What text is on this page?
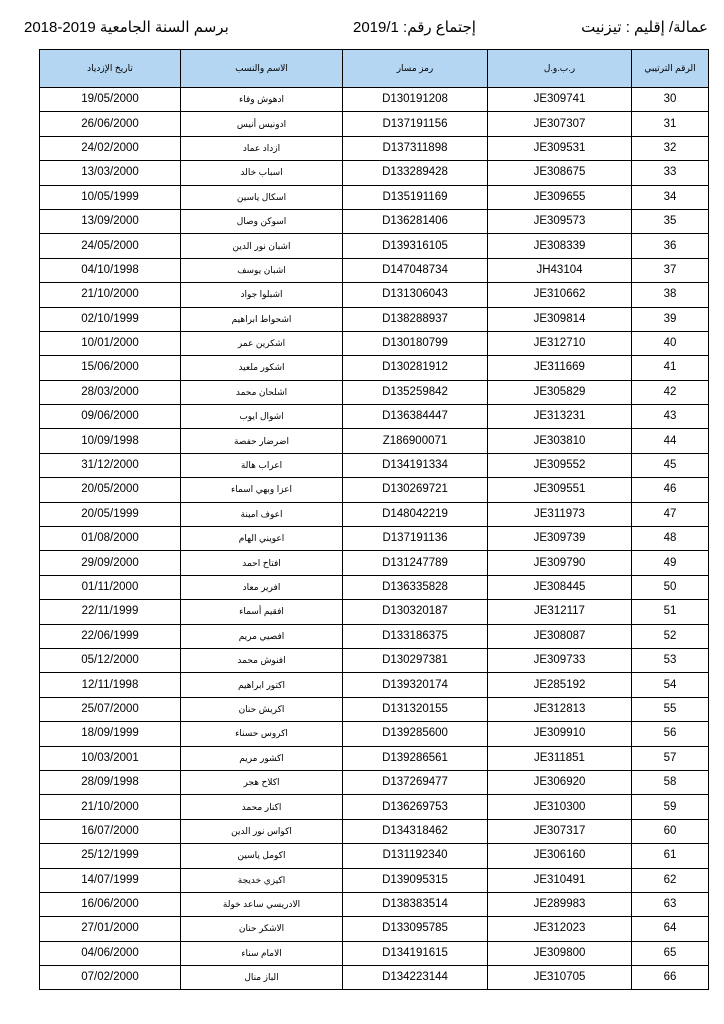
2018-2019 برسم السنة الجامعية	إجتماع رقم: 2019/1	عمالة/ إقليم : تيزنيت
تاريخ الإزدياد	الاسم والنسب	رمز مسار	ر.ب.و.ل	الرقم الترتيبي
19/05/2000	ادهوش وفاء	D130191208	JE309741	30
26/06/2000	ادونيس أنيس	D137191156	JE307307	31
24/02/2000	ازداد عماد	D137311898	JE309531	32
13/03/2000	اسباب خالد	D133289428	JE308675	33
10/05/1999	اسكال ياسين	D135191169	JE309655	34
13/09/2000	اسوكن وصال	D136281406	JE309573	35
24/05/2000	اشبان نور الدين	D139316105	JE308339	36
04/10/1998	اشبان يوسف	D147048734	JH43104	37
21/10/2000	اشبلوا جواد	D131306043	JE310662	38
02/10/1999	اشحواط ابراهيم	D138288937	JE309814	39
10/01/2000	اشكرين عمر	D130180799	JE312710	40
15/06/2000	اشكور ملعيد	D130281912	JE311669	41
28/03/2000	اشلحان محمد	D135259842	JE305829	42
09/06/2000	اشوال ايوب	D136384447	JE313231	43
10/09/1998	اضرضار حفصة	Z186900071	JE303810	44
31/12/2000	اعراب هالة	D134191334	JE309552	45
20/05/2000	اعزا وبهي اسماء	D130269721	JE309551	46
20/05/1999	اعوف امينة	D148042219	JE311973	47
01/08/2000	اعويني الهام	D137191136	JE309739	48
29/09/2000	افتاح احمد	D131247789	JE309790	49
01/11/2000	افرير معاد	D136335828	JE308445	50
22/11/1999	افقيم أسماء	D130320187	JE312117	51
22/06/1999	افصيي مريم	D133186375	JE308087	52
05/12/2000	افنوش محمد	D130297381	JE309733	53
12/11/1998	اكتور ابراهيم	D139320174	JE285192	54
25/07/2000	اكريش حنان	D131320155	JE312813	55
18/09/1999	اكروس حسناء	D139285600	JE309910	56
10/03/2001	اكشور مريم	D139286561	JE311851	57
28/09/1998	اكلاح هجر	D137269477	JE306920	58
21/10/2000	اكنار محمد	D136269753	JE310300	59
16/07/2000	اكواس نور الدين	D134318462	JE307317	60
25/12/1999	اكومل ياسين	D131192340	JE306160	61
14/07/1999	اكيزي خديجة	D139095315	JE310491	62
16/06/2000	الادريسي ساعد خولة	D138383514	JE289983	63
27/01/2000	الاشكر حنان	D133095785	JE312023	64
04/06/2000	الامام سناء	D134191615	JE309800	65
07/02/2000	الباز منال	D134223144	JE310705	66
